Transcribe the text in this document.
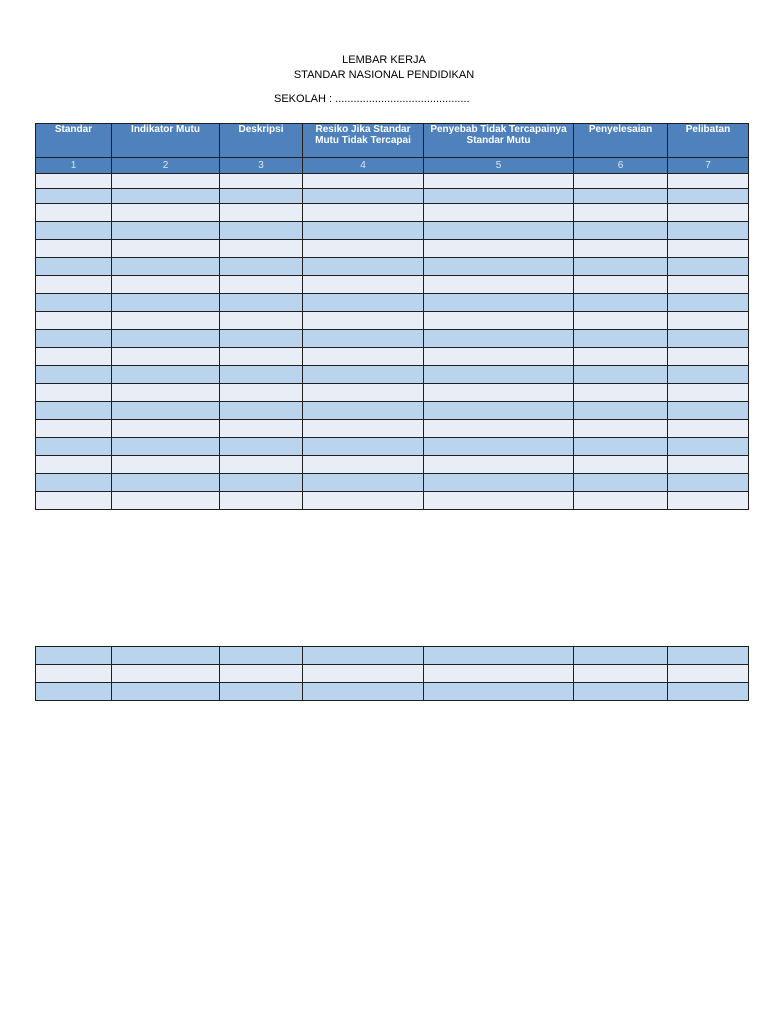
LEMBAR KERJA
STANDAR NASIONAL PENDIDIKAN
SEKOLAH : ............................................
Standar	Indikator Mutu	Deskripsi	Resiko Jika Standar Mutu Tidak Tercapai	Penyebab Tidak Tercapainya Standar Mutu	Penyelesaian	Pelibatan
1	2	3	4	5	6	7
